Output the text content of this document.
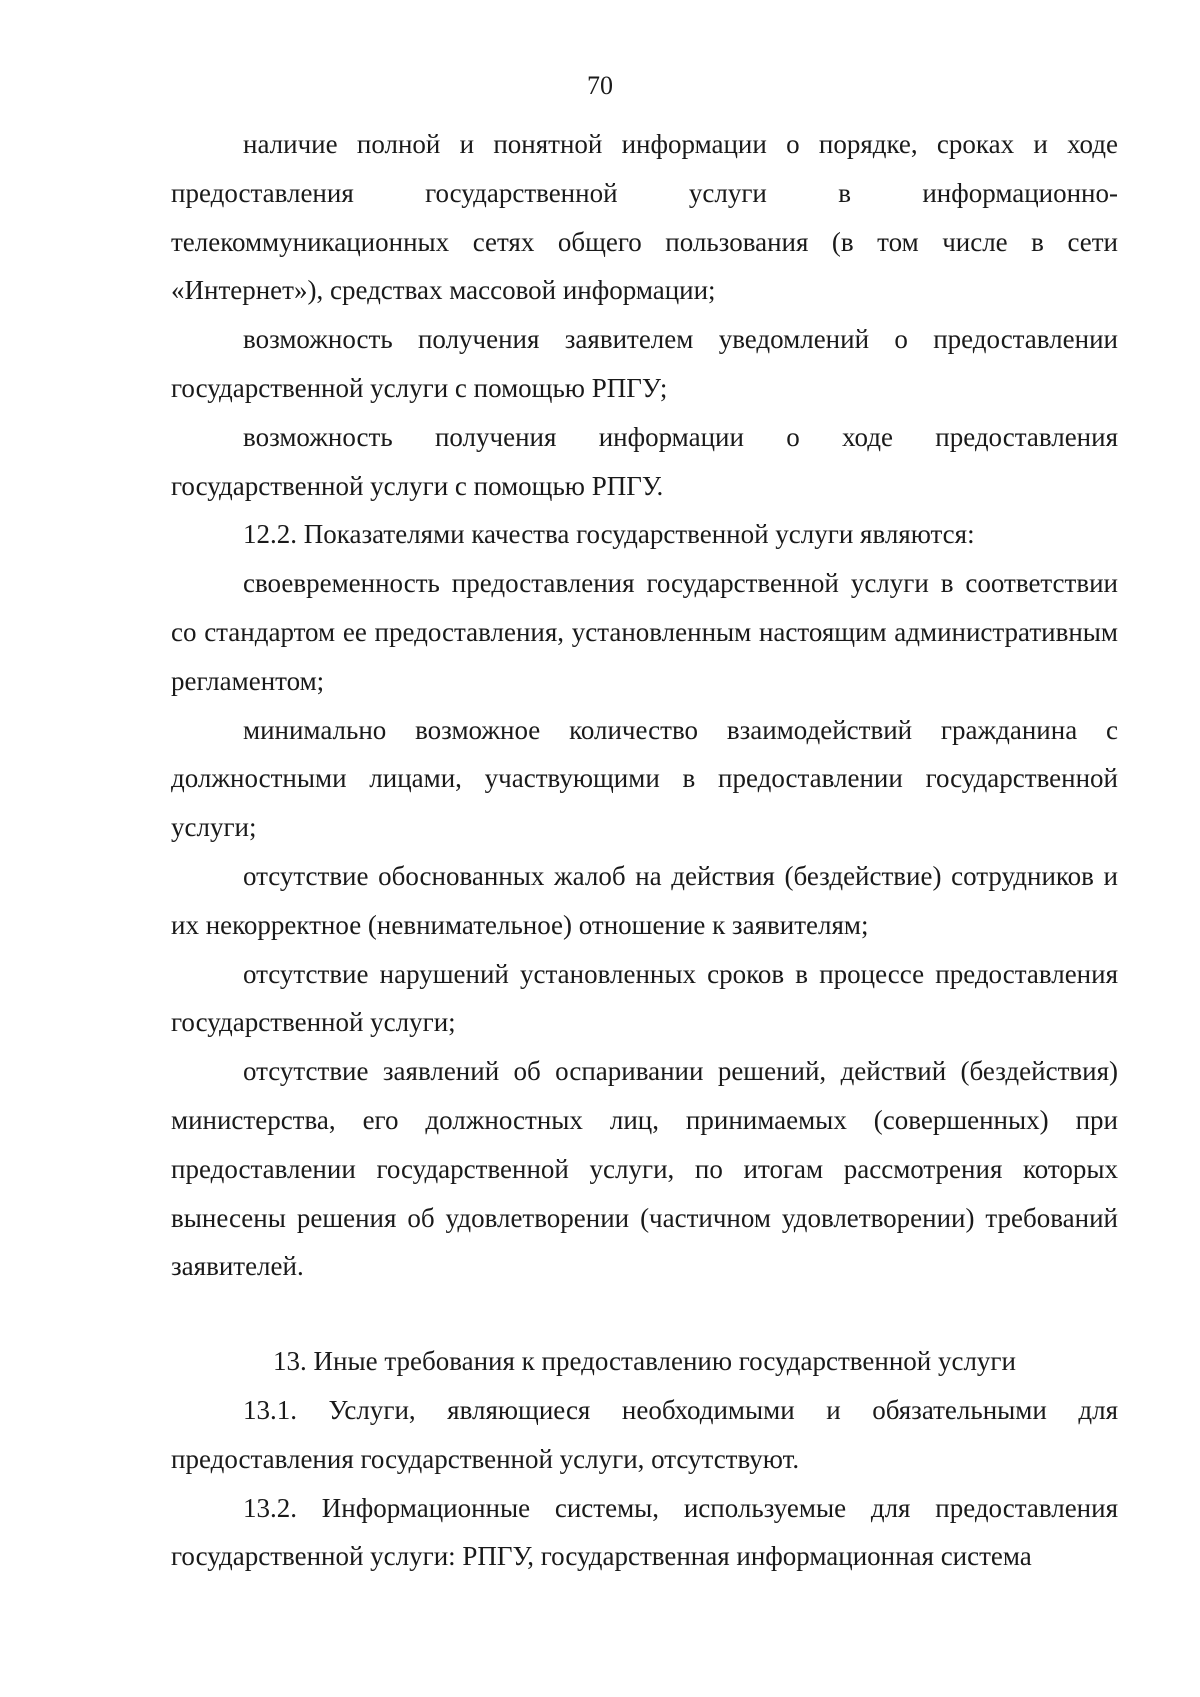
70

наличие полной и понятной информации о порядке, сроках и ходе предоставления государственной услуги в информационно-телекоммуникационных сетях общего пользования (в том числе в сети «Интернет»), средствах массовой информации;

возможность получения заявителем уведомлений о предоставлении государственной услуги с помощью РПГУ;

возможность получения информации о ходе предоставления государственной услуги с помощью РПГУ.

12.2. Показателями качества государственной услуги являются:

своевременность предоставления государственной услуги в соответствии со стандартом ее предоставления, установленным настоящим административным регламентом;

минимально возможное количество взаимодействий гражданина с должностными лицами, участвующими в предоставлении государственной услуги;

отсутствие обоснованных жалоб на действия (бездействие) сотрудников и их некорректное (невнимательное) отношение к заявителям;

отсутствие нарушений установленных сроков в процессе предоставления государственной услуги;

отсутствие заявлений об оспаривании решений, действий (бездействия) министерства, его должностных лиц, принимаемых (совершенных) при предоставлении государственной услуги, по итогам рассмотрения которых вынесены решения об удовлетворении (частичном удовлетворении) требований заявителей.

13. Иные требования к предоставлению государственной услуги

13.1. Услуги, являющиеся необходимыми и обязательными для предоставления государственной услуги, отсутствуют.

13.2. Информационные системы, используемые для предоставления государственной услуги: РПГУ, государственная информационная система
